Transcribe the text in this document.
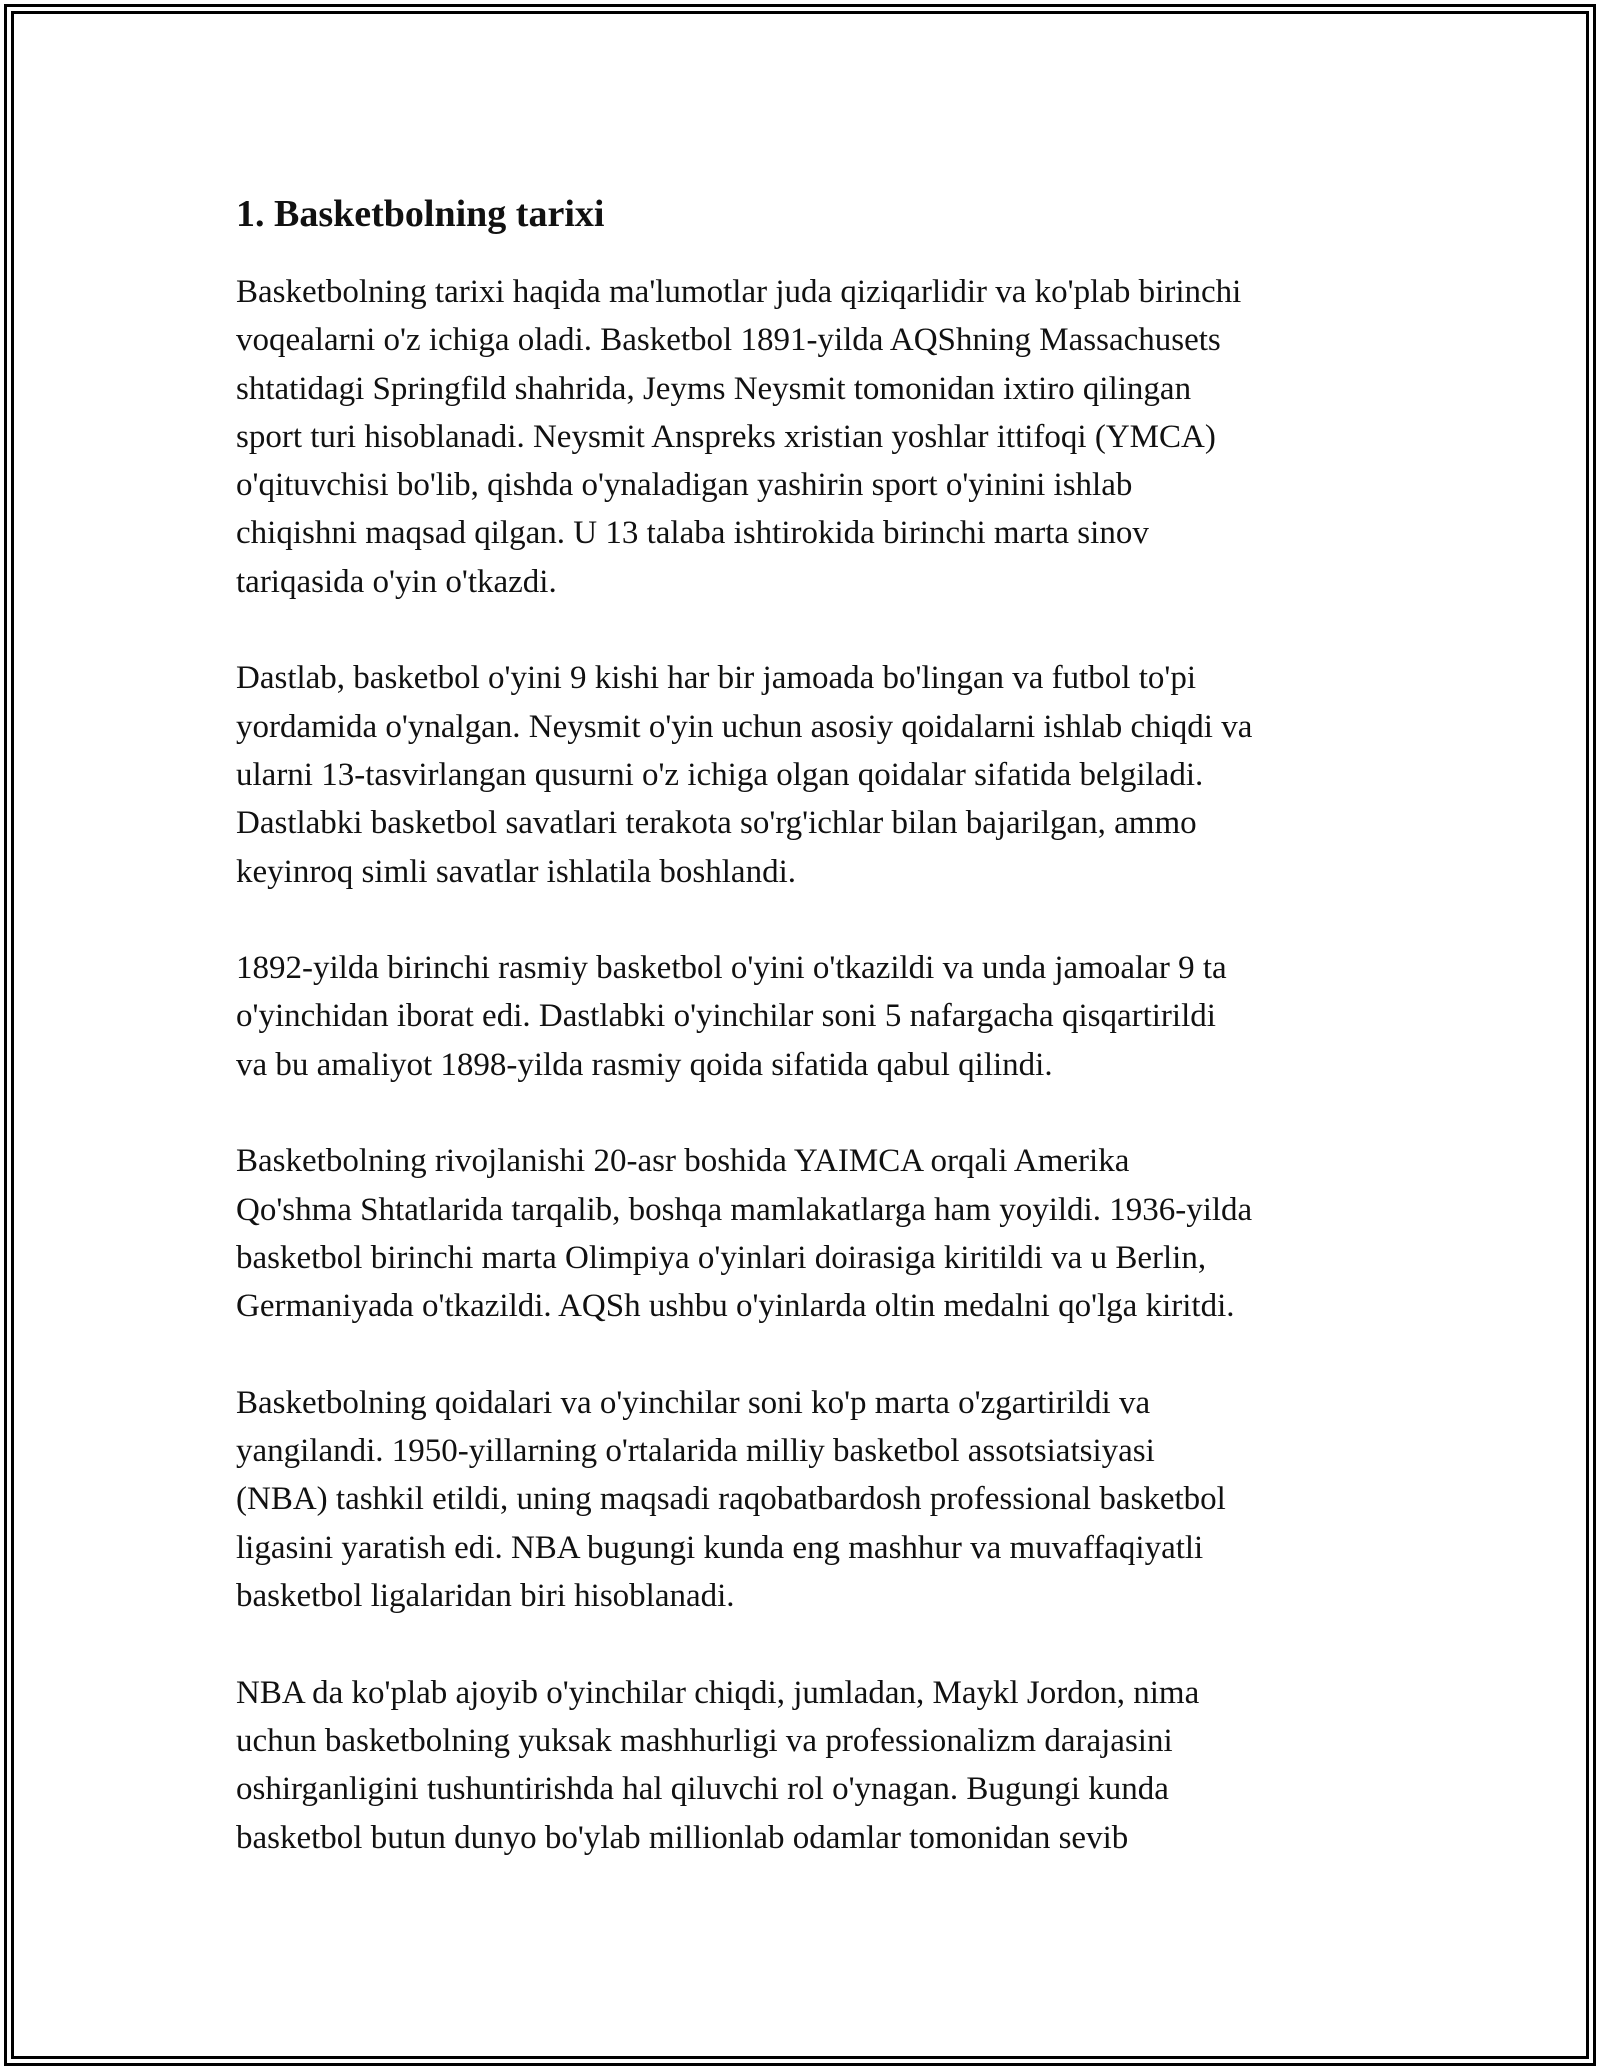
1. Basketbolning tarixi

Basketbolning tarixi haqida ma'lumotlar juda qiziqarlidir va ko'plab birinchi
voqealarni o'z ichiga oladi. Basketbol 1891-yilda AQShning Massachusets
shtatidagi Springfild shahrida, Jeyms Neysmit tomonidan ixtiro qilingan
sport turi hisoblanadi. Neysmit Anspreks xristian yoshlar ittifoqi (YMCA)
o'qituvchisi bo'lib, qishda o'ynaladigan yashirin sport o'yinini ishlab
chiqishni maqsad qilgan. U 13 talaba ishtirokida birinchi marta sinov
tariqasida o'yin o'tkazdi.

Dastlab, basketbol o'yini 9 kishi har bir jamoada bo'lingan va futbol to'pi
yordamida o'ynalgan. Neysmit o'yin uchun asosiy qoidalarni ishlab chiqdi va
ularni 13-tasvirlangan qusurni o'z ichiga olgan qoidalar sifatida belgiladi.
Dastlabki basketbol savatlari terakota so'rg'ichlar bilan bajarilgan, ammo
keyinroq simli savatlar ishlatila boshlandi.

1892-yilda birinchi rasmiy basketbol o'yini o'tkazildi va unda jamoalar 9 ta
o'yinchidan iborat edi. Dastlabki o'yinchilar soni 5 nafargacha qisqartirildi
va bu amaliyot 1898-yilda rasmiy qoida sifatida qabul qilindi.

Basketbolning rivojlanishi 20-asr boshida YAIMCA orqali Amerika
Qo'shma Shtatlarida tarqalib, boshqa mamlakatlarga ham yoyildi. 1936-yilda
basketbol birinchi marta Olimpiya o'yinlari doirasiga kiritildi va u Berlin,
Germaniyada o'tkazildi. AQSh ushbu o'yinlarda oltin medalni qo'lga kiritdi.

Basketbolning qoidalari va o'yinchilar soni ko'p marta o'zgartirildi va
yangilandi. 1950-yillarning o'rtalarida milliy basketbol assotsiatsiyasi
(NBA) tashkil etildi, uning maqsadi raqobatbardosh professional basketbol
ligasini yaratish edi. NBA bugungi kunda eng mashhur va muvaffaqiyatli
basketbol ligalaridan biri hisoblanadi.

NBA da ko'plab ajoyib o'yinchilar chiqdi, jumladan, Maykl Jordon, nima
uchun basketbolning yuksak mashhurligi va professionalizm darajasini
oshirganligini tushuntirishda hal qiluvchi rol o'ynagan. Bugungi kunda
basketbol butun dunyo bo'ylab millionlab odamlar tomonidan sevib
